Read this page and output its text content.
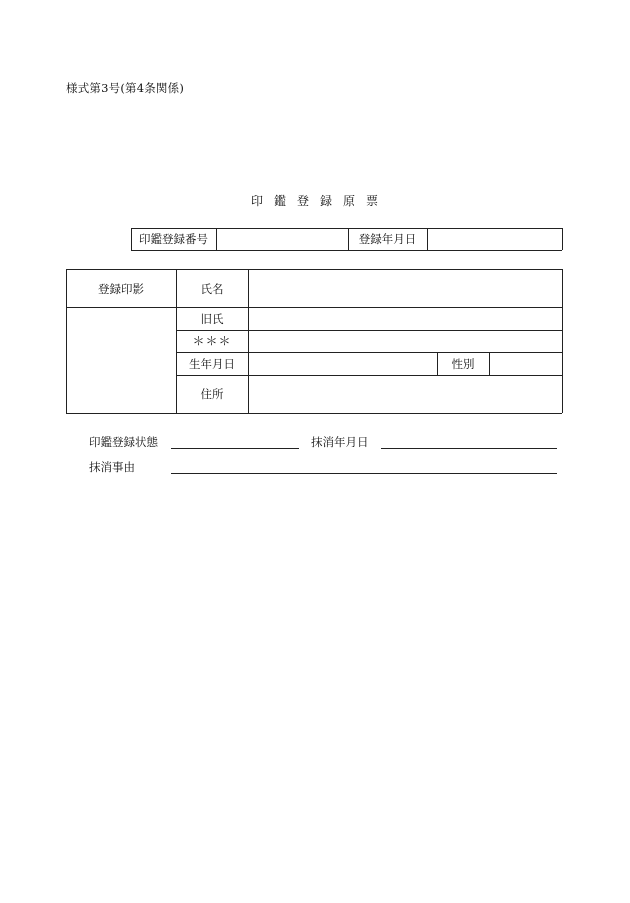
様式第3号(第4条関係)
印鑑登録原票
印鑑登録番号	登録年月日
登録印影	氏名
旧氏
＊＊＊
生年月日	性別
住所
印鑑登録状態	抹消年月日
抹消事由
